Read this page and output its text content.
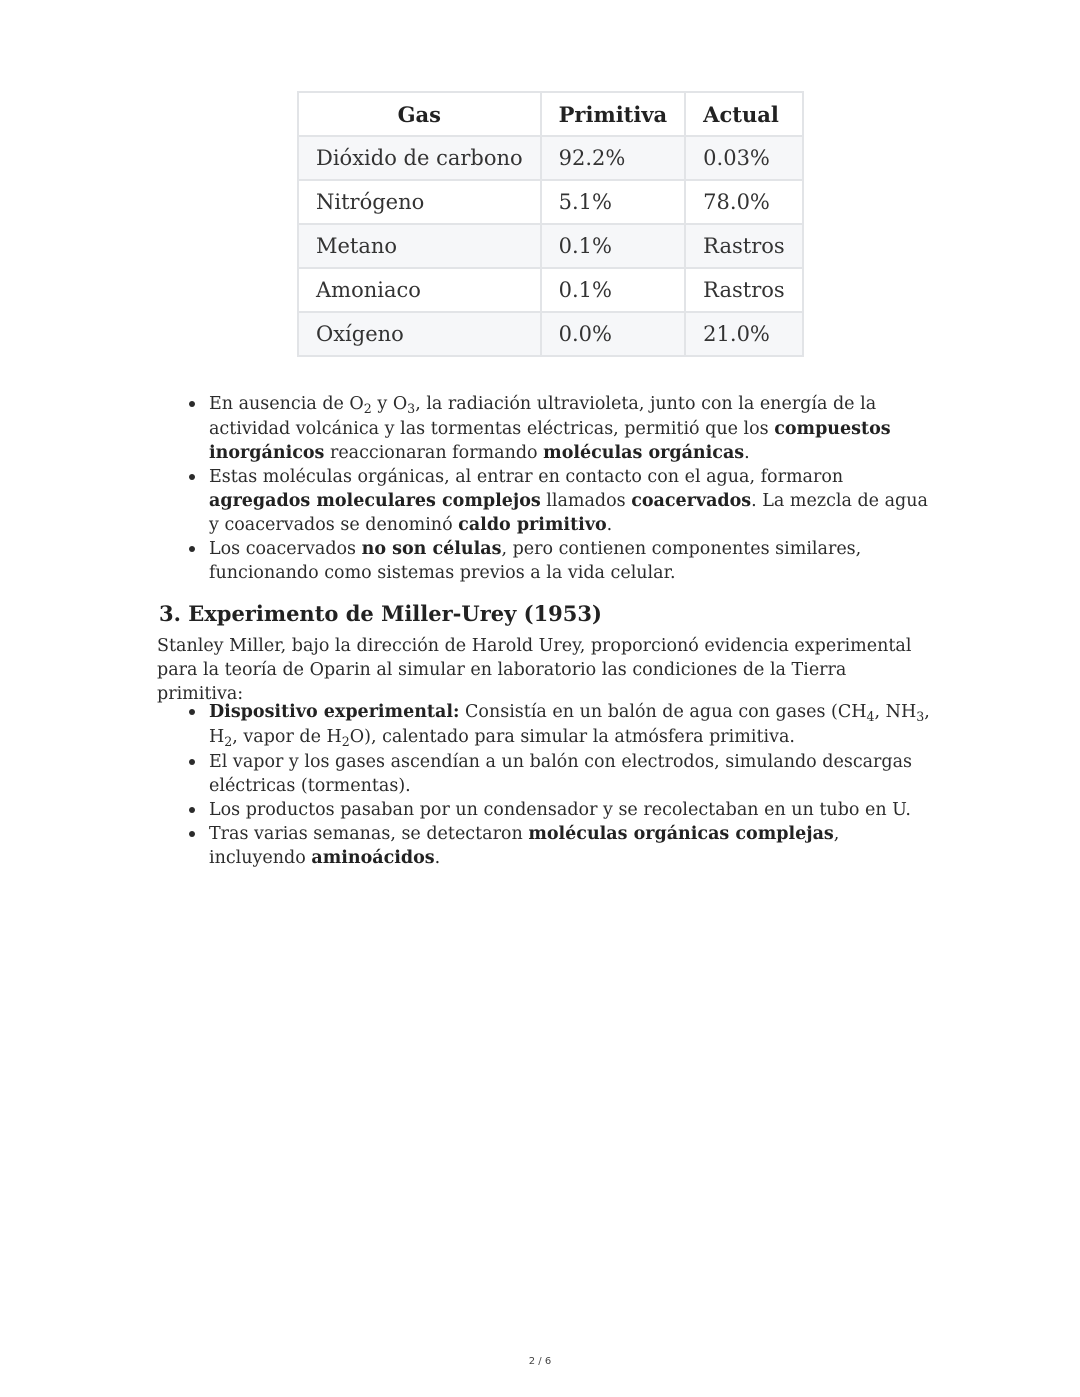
Gas	Primitiva	Actual
Dióxido de carbono	92.2%	0.03%
Nitrógeno	5.1%	78.0%
Metano	0.1%	Rastros
Amoniaco	0.1%	Rastros
Oxígeno	0.0%	21.0%
En ausencia de $O_2$ y $O_3$, la radiación ultravioleta, junto con la energía de la actividad volcánica y las tormentas eléctricas, permitió que los compuestos inorgánicos reaccionaran formando moléculas orgánicas.
Estas moléculas orgánicas, al entrar en contacto con el agua, formaron agregados moleculares complejos llamados coacervados. La mezcla de agua y coacervados se denominó caldo primitivo.
Los coacervados no son células, pero contienen componentes similares, funcionando como sistemas previos a la vida celular.
3. Experimento de Miller-Urey (1953)

Stanley Miller, bajo la dirección de Harold Urey, proporcionó evidencia experimental para la teoría de Oparin al simular en laboratorio las condiciones de la Tierra primitiva:

Dispositivo experimental: Consistía en un balón de agua con gases ($CH_4$, $NH_3$, $H_2$, vapor de $H_2O$), calentado para simular la atmósfera primitiva.
El vapor y los gases ascendían a un balón con electrodos, simulando descargas eléctricas (tormentas).
Los productos pasaban por un condensador y se recolectaban en un tubo en U.
Tras varias semanas, se detectaron moléculas orgánicas complejas, incluyendo aminoácidos.
2 / 6
